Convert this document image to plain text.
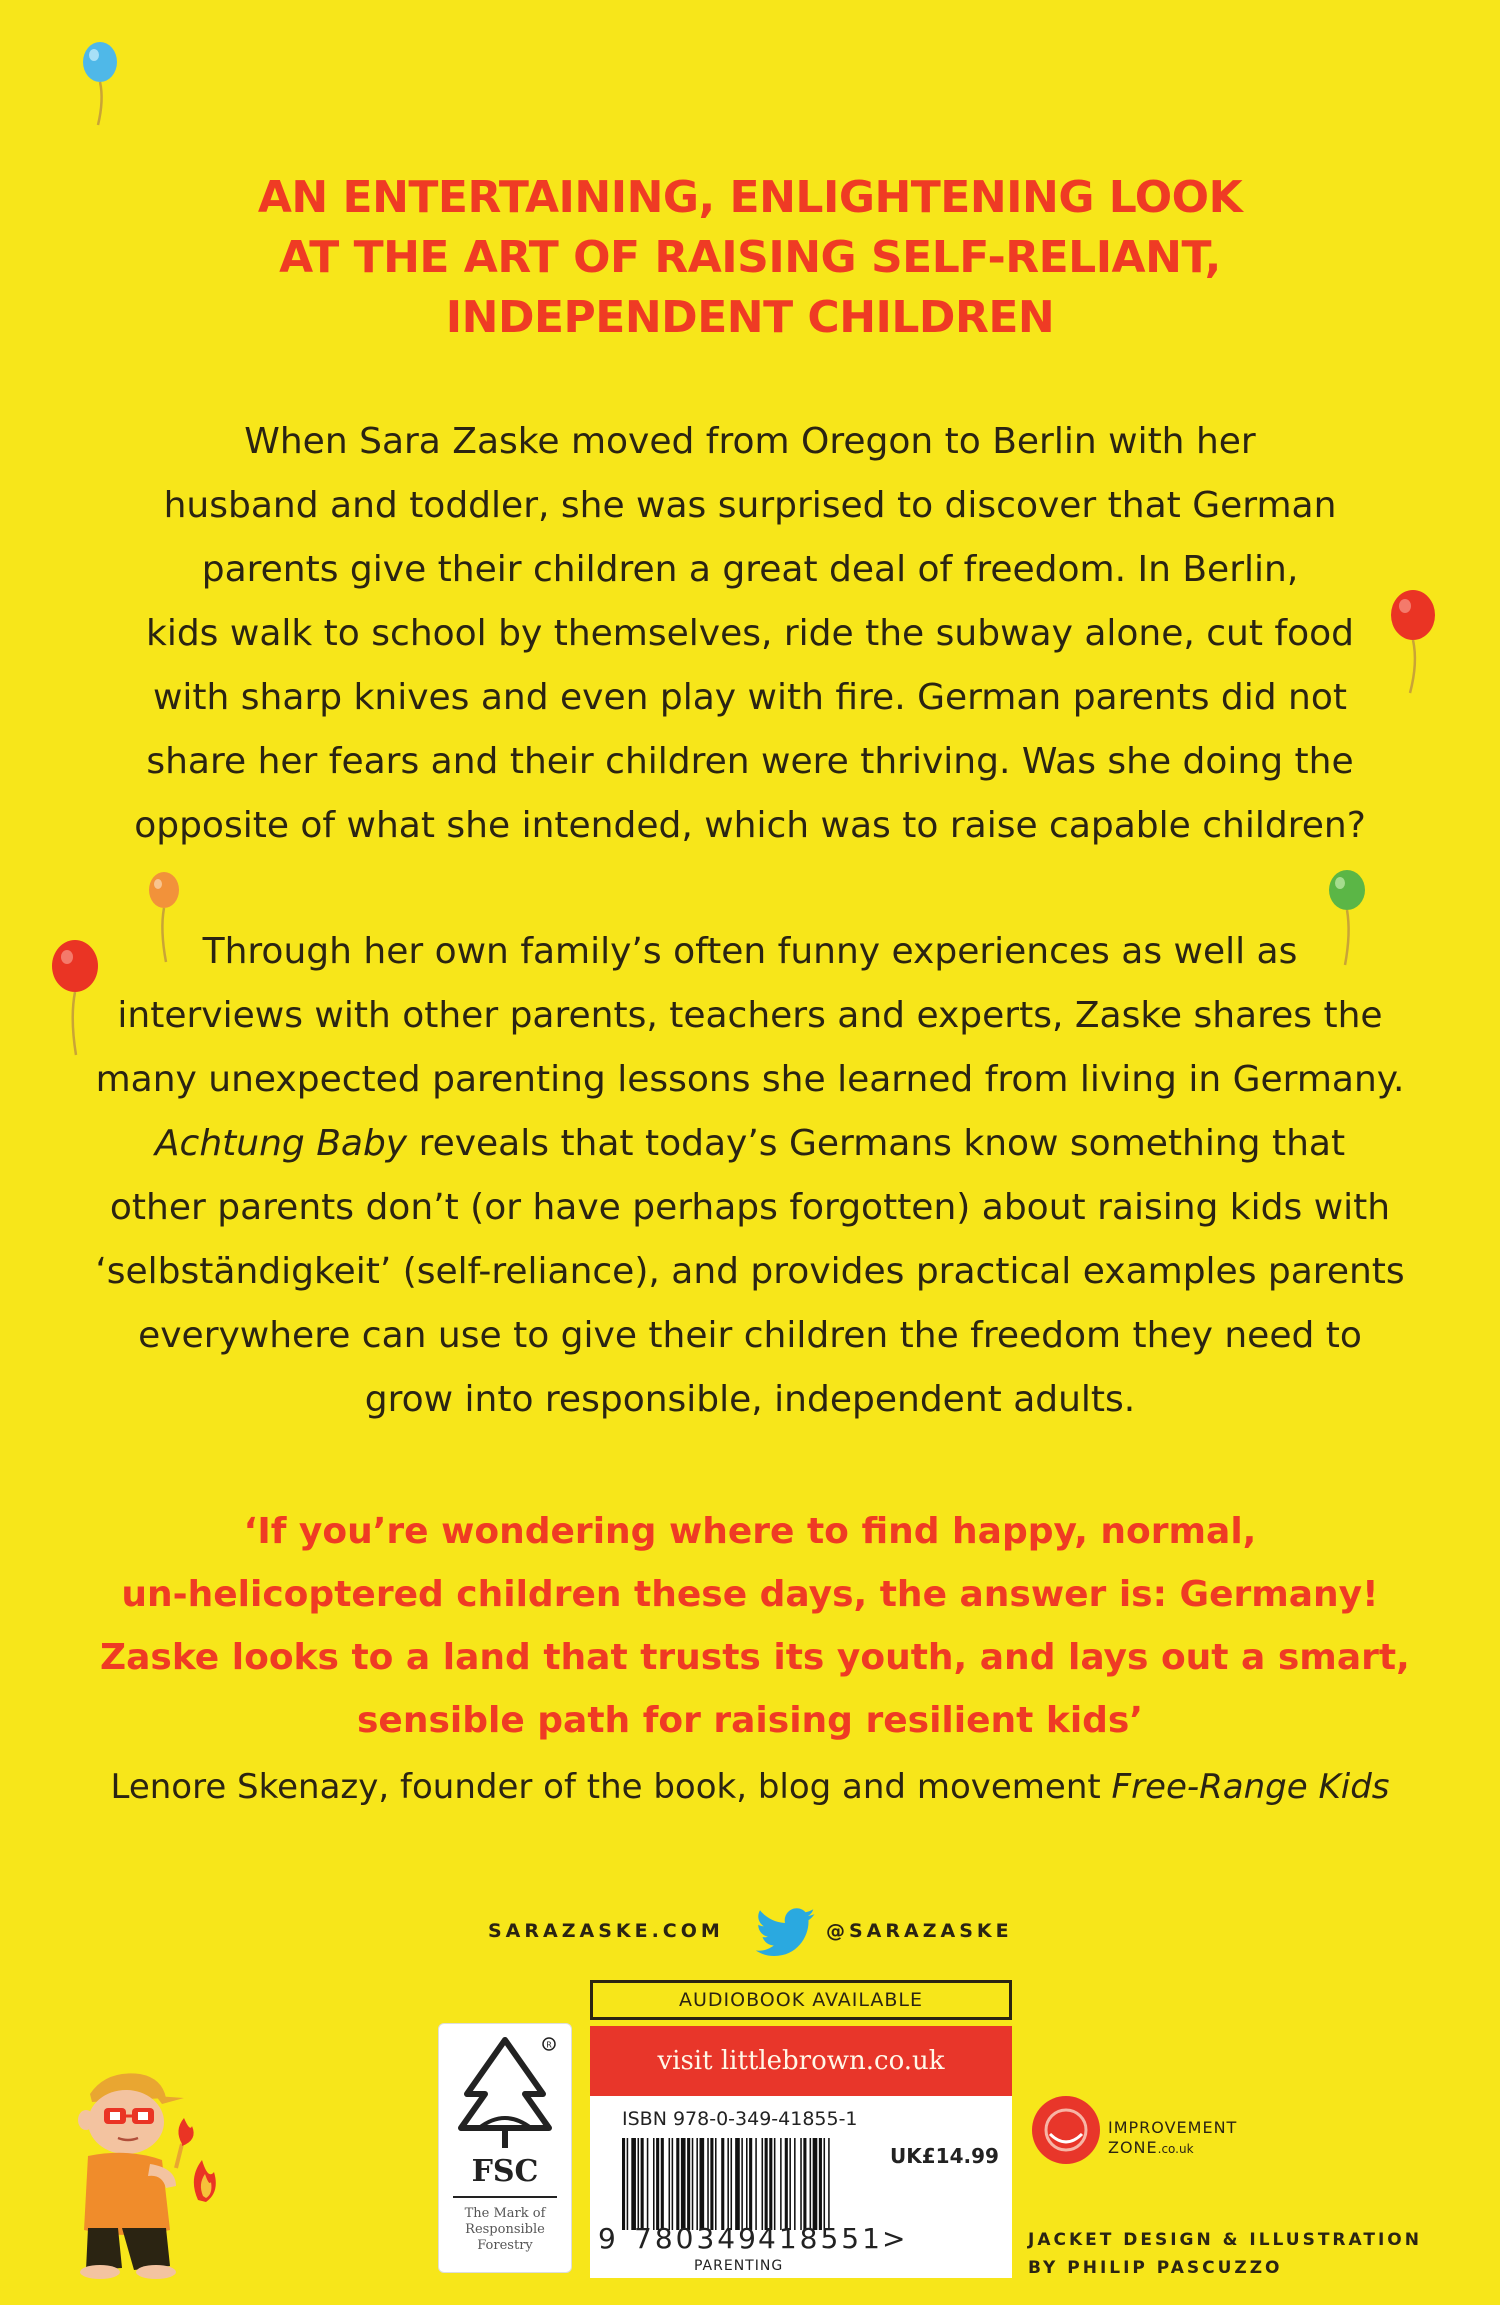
AN ENTERTAINING, ENLIGHTENING LOOK
AT THE ART OF RAISING SELF-RELIANT,
INDEPENDENT CHILDREN
When Sara Zaske moved from Oregon to Berlin with her
husband and toddler, she was surprised to discover that German
parents give their children a great deal of freedom. In Berlin,
kids walk to school by themselves, ride the subway alone, cut food
with sharp knives and even play with fire. German parents did not
share her fears and their children were thriving. Was she doing the
opposite of what she intended, which was to raise capable children?
Through her own family’s often funny experiences as well as
interviews with other parents, teachers and experts, Zaske shares the
many unexpected parenting lessons she learned from living in Germany.
Achtung Baby reveals that today’s Germans know something that
other parents don’t (or have perhaps forgotten) about raising kids with
‘selbständigkeit’ (self-reliance), and provides practical examples parents
everywhere can use to give their children the freedom they need to
grow into responsible, independent adults.
‘If you’re wondering where to find happy, normal,
un-helicoptered children these days, the answer is: Germany!
Zaske looks to a land that trusts its youth, and lays out a smart,
sensible path for raising resilient kids’
Lenore Skenazy, founder of the book, blog and movement Free-Range Kids
SARAZASKE.COM	@SARAZASKE
R
FSC
The Mark of
Responsible
Forestry
AUDIOBOOK AVAILABLE
visit littlebrown.co.uk
ISBN 978-0-349-41855-1
UK£14.99
9 780349 418551 >
PARENTING
IMPROVEMENT
ZONE.co.uk
JACKET DESIGN & ILLUSTRATION
BY PHILIP PASCUZZO
